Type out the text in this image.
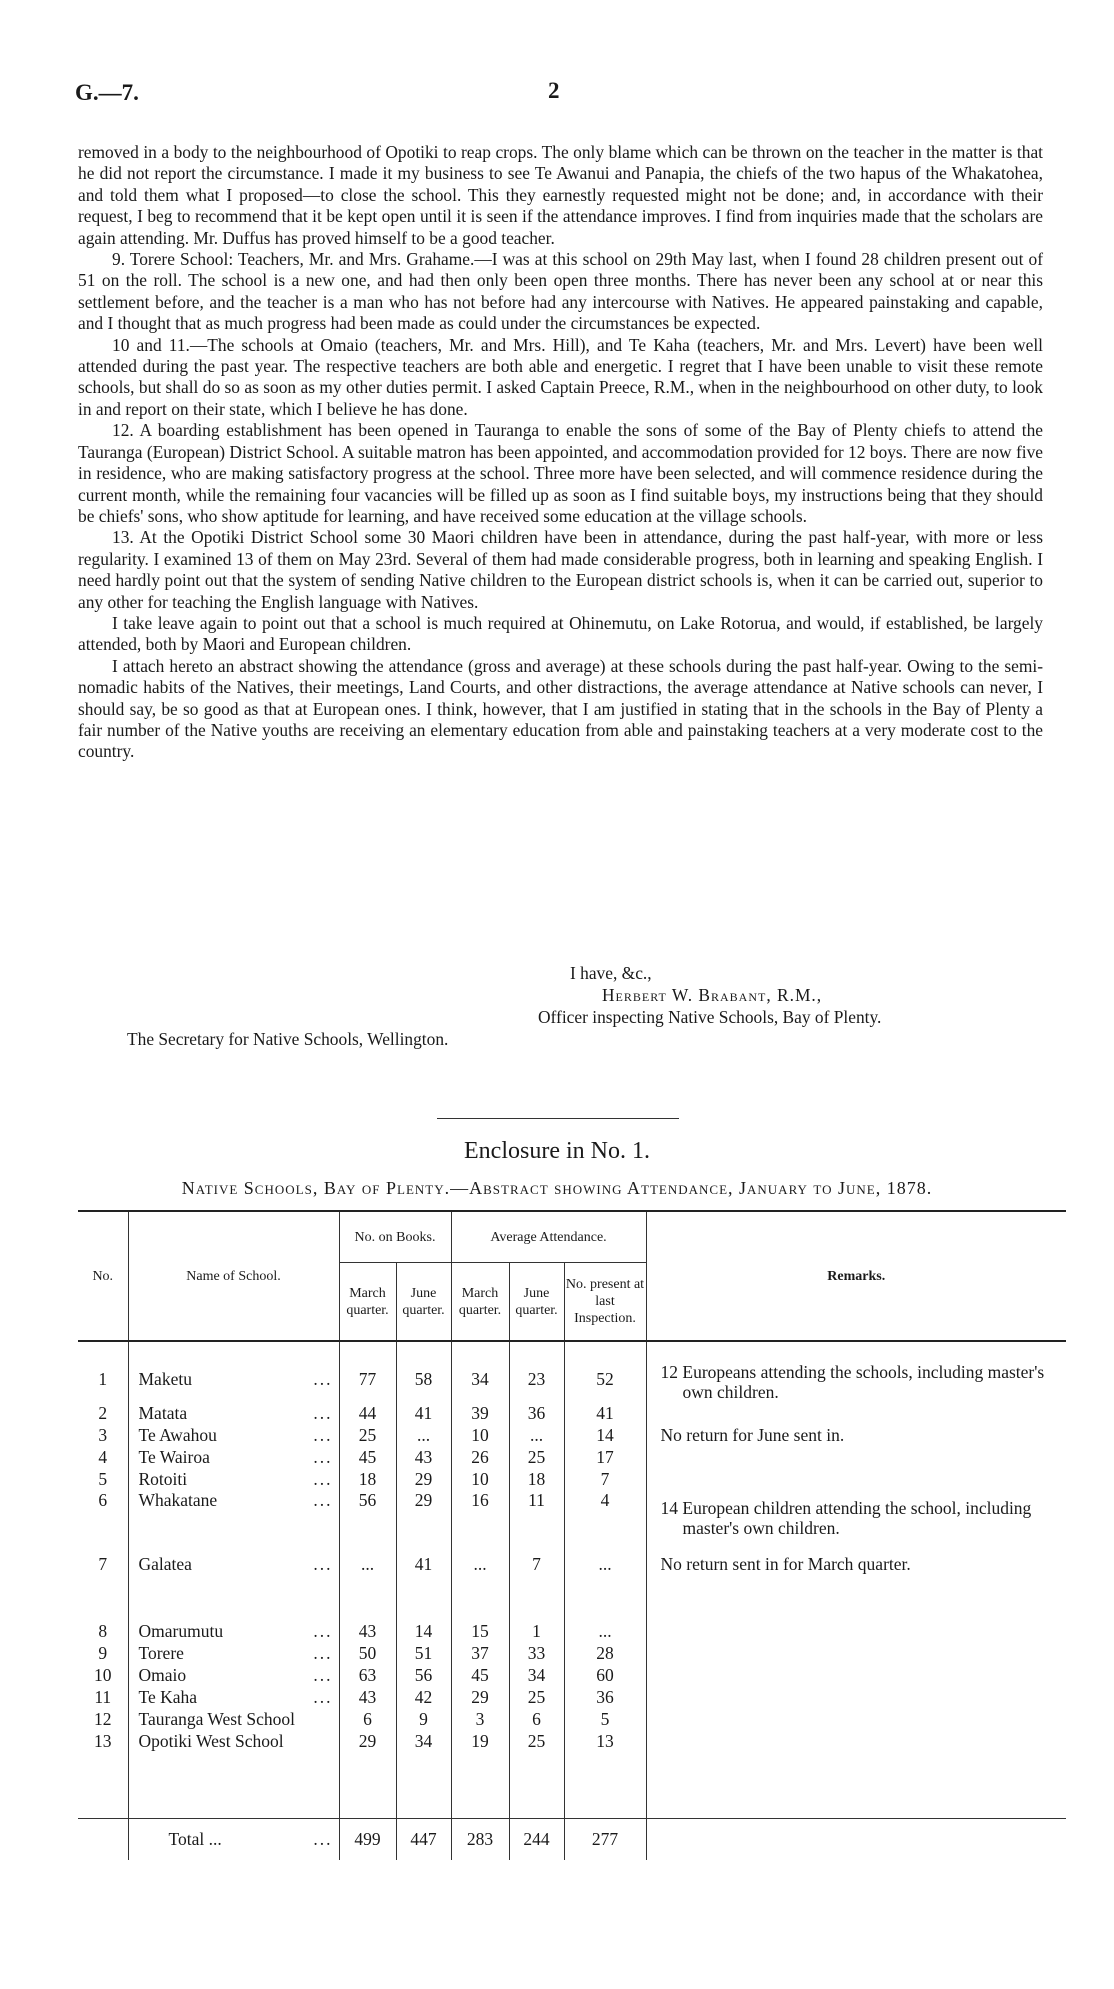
G.—7.	2

removed in a body to the neighbourhood of Opotiki to reap crops. The only blame which can be thrown on the teacher in the matter is that he did not report the circumstance. I made it my business to see Te Awanui and Panapia, the chiefs of the two hapus of the Whakatohea, and told them what I proposed—to close the school. This they earnestly requested might not be done; and, in accordance with their request, I beg to recommend that it be kept open until it is seen if the attendance improves. I find from inquiries made that the scholars are again attending. Mr. Duffus has proved himself to be a good teacher.

9. Torere School: Teachers, Mr. and Mrs. Grahame.—I was at this school on 29th May last, when I found 28 children present out of 51 on the roll. The school is a new one, and had then only been open three months. There has never been any school at or near this settlement before, and the teacher is a man who has not before had any intercourse with Natives. He appeared painstaking and capable, and I thought that as much progress had been made as could under the circumstances be expected.

10 and 11.—The schools at Omaio (teachers, Mr. and Mrs. Hill), and Te Kaha (teachers, Mr. and Mrs. Levert) have been well attended during the past year. The respective teachers are both able and energetic. I regret that I have been unable to visit these remote schools, but shall do so as soon as my other duties permit. I asked Captain Preece, R.M., when in the neighbourhood on other duty, to look in and report on their state, which I believe he has done.

12. A boarding establishment has been opened in Tauranga to enable the sons of some of the Bay of Plenty chiefs to attend the Tauranga (European) District School. A suitable matron has been appointed, and accommodation provided for 12 boys. There are now five in residence, who are making satisfactory progress at the school. Three more have been selected, and will commence residence during the current month, while the remaining four vacancies will be filled up as soon as I find suitable boys, my instructions being that they should be chiefs' sons, who show aptitude for learning, and have received some education at the village schools.

13. At the Opotiki District School some 30 Maori children have been in attendance, during the past half-year, with more or less regularity. I examined 13 of them on May 23rd. Several of them had made considerable progress, both in learning and speaking English. I need hardly point out that the system of sending Native children to the European district schools is, when it can be carried out, superior to any other for teaching the English language with Natives.

I take leave again to point out that a school is much required at Ohinemutu, on Lake Rotorua, and would, if established, be largely attended, both by Maori and European children.

I attach hereto an abstract showing the attendance (gross and average) at these schools during the past half-year. Owing to the semi-nomadic habits of the Natives, their meetings, Land Courts, and other distractions, the average attendance at Native schools can never, I should say, be so good as that at European ones. I think, however, that I am justified in stating that in the schools in the Bay of Plenty a fair number of the Native youths are receiving an elementary education from able and painstaking teachers at a very moderate cost to the country.

I have, &c.,
Herbert W. Brabant, R.M.,
Officer inspecting Native Schools, Bay of Plenty.
The Secretary for Native Schools, Wellington.
Enclosure in No. 1.
Native Schools, Bay of Plenty.—Abstract showing Attendance, January to June, 1878.
No.	Name of School.	No. on Books.		Average Attendance.			Remarks.
		March quarter.	June quarter.	March quarter.	June quarter.	No. present at last Inspection.	
1	Maketu ...	77	58	34	23	52	12 Europeans attending the schools, including master's own children.

2	Matata ...	44	41	39	36	41	
3	Te Awahou ...	25	...	10	...	14	No return for June sent in.

4	Te Wairoa ...	45	43	26	25	17	
5	Rotoiti ...	18	29	10	18	7	
6	Whakatane ...	56	29	16	11	4	14 European children attending the school, including master's own children.

7	Galatea ...	...	41	...	7	...	No return sent in for March quarter.

8	Omarumutu ...	43	14	15	1	...	
9	Torere ...	50	51	37	33	28	
10	Omaio ...	63	56	45	34	60	
11	Te Kaha ...	43	42	29	25	36	
12	Tauranga West School	6	9	3	6	5	
13	Opotiki West School	29	34	19	25	13	

	Total ... ...	499	447	283	244	277	
